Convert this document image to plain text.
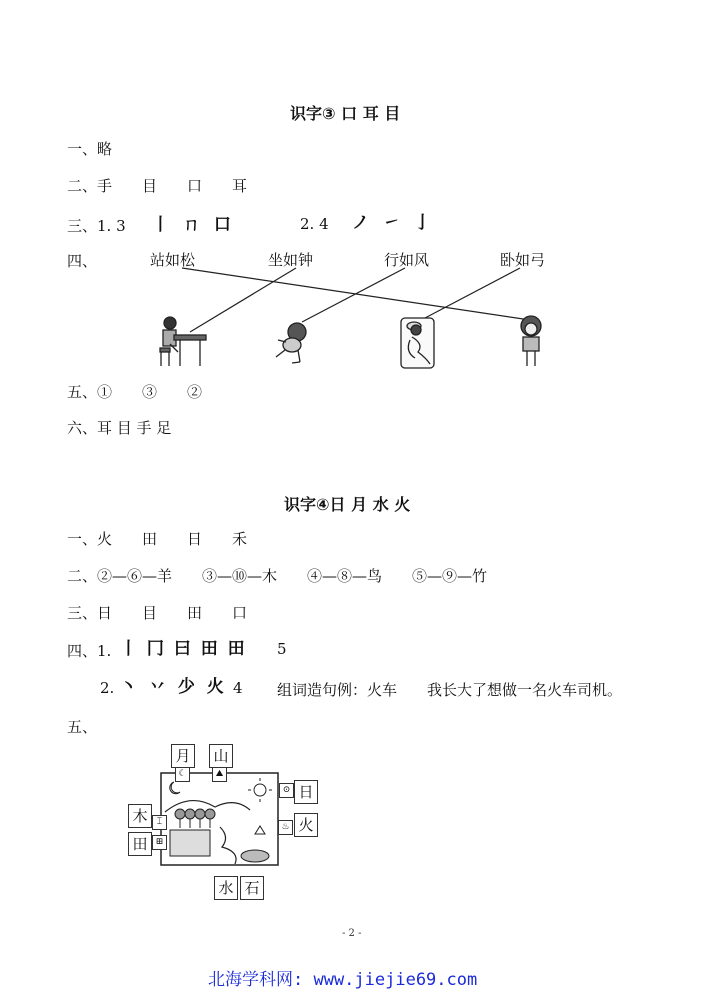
识字③ 口 耳 目
一、略
二、手　　目　　口　　耳
三、1. 3 丨 ㄇ 口	2. 4 ノ ㇀ 亅
四、	站如松	坐如钟	行如风	卧如弓
五、①　　③　　②
六、耳 目 手 足
识字④日 月 水 火
一、火　　田　　日　　禾
二、②—⑥—羊　　③—⑩—木　　④—⑧—鸟　　⑤—⑨—竹
三、日　　目　　田　　口
四、1. 丨 冂 曰 田 田 5
2. 丶 丷 少 火 4 组词造句例：火车　　我长大了想做一名火车司机。
五、
☾	⛰
⊙
♨
⌶
⊞
月	山
日
木	火
田
水 石
- 2 -
北海学科网: www.jiejie69.com
